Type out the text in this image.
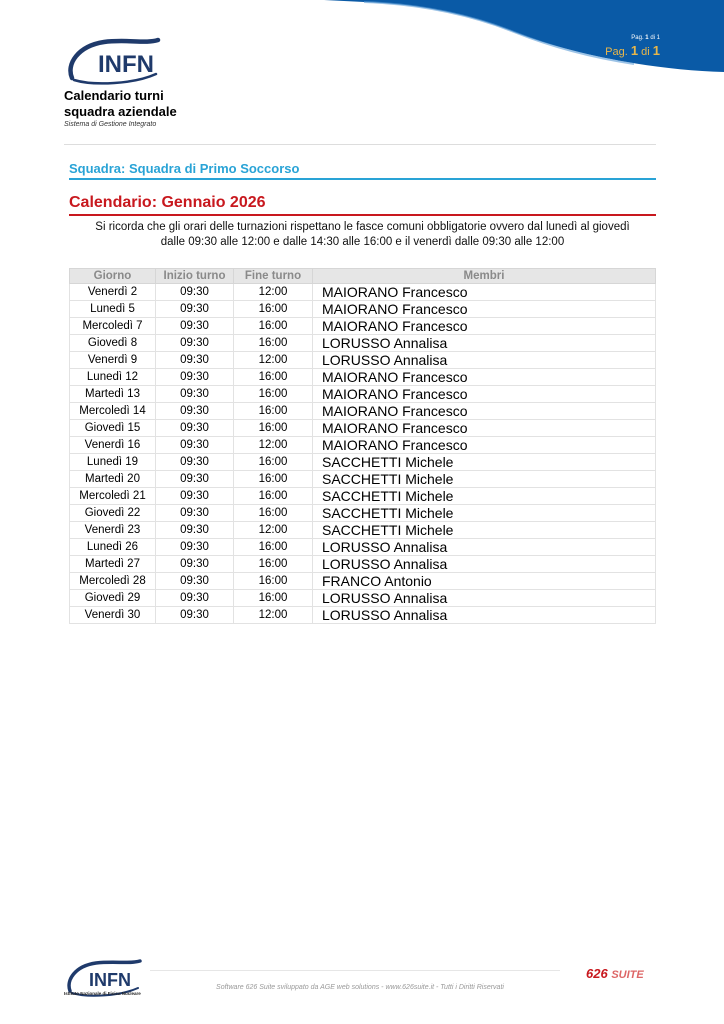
Pag. 1 di 1
Pag. 1 di 1
INFN
Calendario turni
squadra aziendale
Sistema di Gestione Integrato
Squadra: Squadra di Primo Soccorso
Calendario: Gennaio 2026
Si ricorda che gli orari delle turnazioni rispettano le fasce comuni obbligatorie ovvero dal lunedì al giovedì
dalle 09:30 alle 12:00 e dalle 14:30 alle 16:00 e il venerdì dalle 09:30 alle 12:00
Giorno	Inizio turno	Fine turno	Membri
Venerdì 2	09:30	12:00	MAIORANO Francesco
Lunedì 5	09:30	16:00	MAIORANO Francesco
Mercoledì 7	09:30	16:00	MAIORANO Francesco
Giovedì 8	09:30	16:00	LORUSSO Annalisa
Venerdì 9	09:30	12:00	LORUSSO Annalisa
Lunedì 12	09:30	16:00	MAIORANO Francesco
Martedì 13	09:30	16:00	MAIORANO Francesco
Mercoledì 14	09:30	16:00	MAIORANO Francesco
Giovedì 15	09:30	16:00	MAIORANO Francesco
Venerdì 16	09:30	12:00	MAIORANO Francesco
Lunedì 19	09:30	16:00	SACCHETTI Michele
Martedì 20	09:30	16:00	SACCHETTI Michele
Mercoledì 21	09:30	16:00	SACCHETTI Michele
Giovedì 22	09:30	16:00	SACCHETTI Michele
Venerdì 23	09:30	12:00	SACCHETTI Michele
Lunedì 26	09:30	16:00	LORUSSO Annalisa
Martedì 27	09:30	16:00	LORUSSO Annalisa
Mercoledì 28	09:30	16:00	FRANCO Antonio
Giovedì 29	09:30	16:00	LORUSSO Annalisa
Venerdì 30	09:30	12:00	LORUSSO Annalisa
INFN
Istituto Nazionale di Fisica Nucleare
Software 626 Suite sviluppato da AGE web solutions - www.626suite.it - Tutti i Diritti Riservati
626 SUITE
